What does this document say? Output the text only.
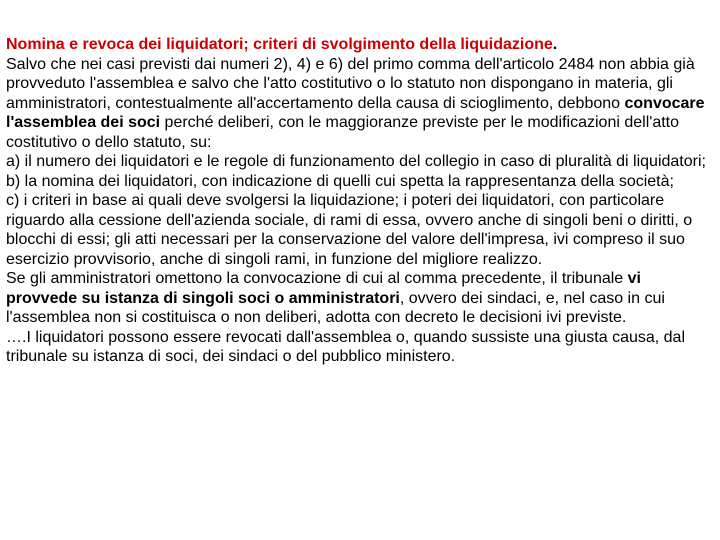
Nomina e revoca dei liquidatori; criteri di svolgimento della liquidazione.

Salvo che nei casi previsti dai numeri 2), 4) e 6) del primo comma dell'articolo 2484 non abbia già provveduto l'assemblea e salvo che l'atto costitutivo o lo statuto non dispongano in materia, gli amministratori, contestualmente all'accertamento della causa di scioglimento, debbono convocare l'assemblea dei soci perché deliberi, con le maggioranze previste per le modificazioni dell'atto costitutivo o dello statuto, su:

a) il numero dei liquidatori e le regole di funzionamento del collegio in caso di pluralità di liquidatori;

b) la nomina dei liquidatori, con indicazione di quelli cui spetta la rappresentanza della società;

c) i criteri in base ai quali deve svolgersi la liquidazione; i poteri dei liquidatori, con particolare riguardo alla cessione dell'azienda sociale, di rami di essa, ovvero anche di singoli beni o diritti, o blocchi di essi; gli atti necessari per la conservazione del valore dell'impresa, ivi compreso il suo esercizio provvisorio, anche di singoli rami, in funzione del migliore realizzo.

Se gli amministratori omettono la convocazione di cui al comma precedente, il tribunale vi provvede su istanza di singoli soci o amministratori, ovvero dei sindaci, e, nel caso in cui l'assemblea non si costituisca o non deliberi, adotta con decreto le decisioni ivi previste.

….I liquidatori possono essere revocati dall'assemblea o, quando sussiste una giusta causa, dal tribunale su istanza di soci, dei sindaci o del pubblico ministero.
